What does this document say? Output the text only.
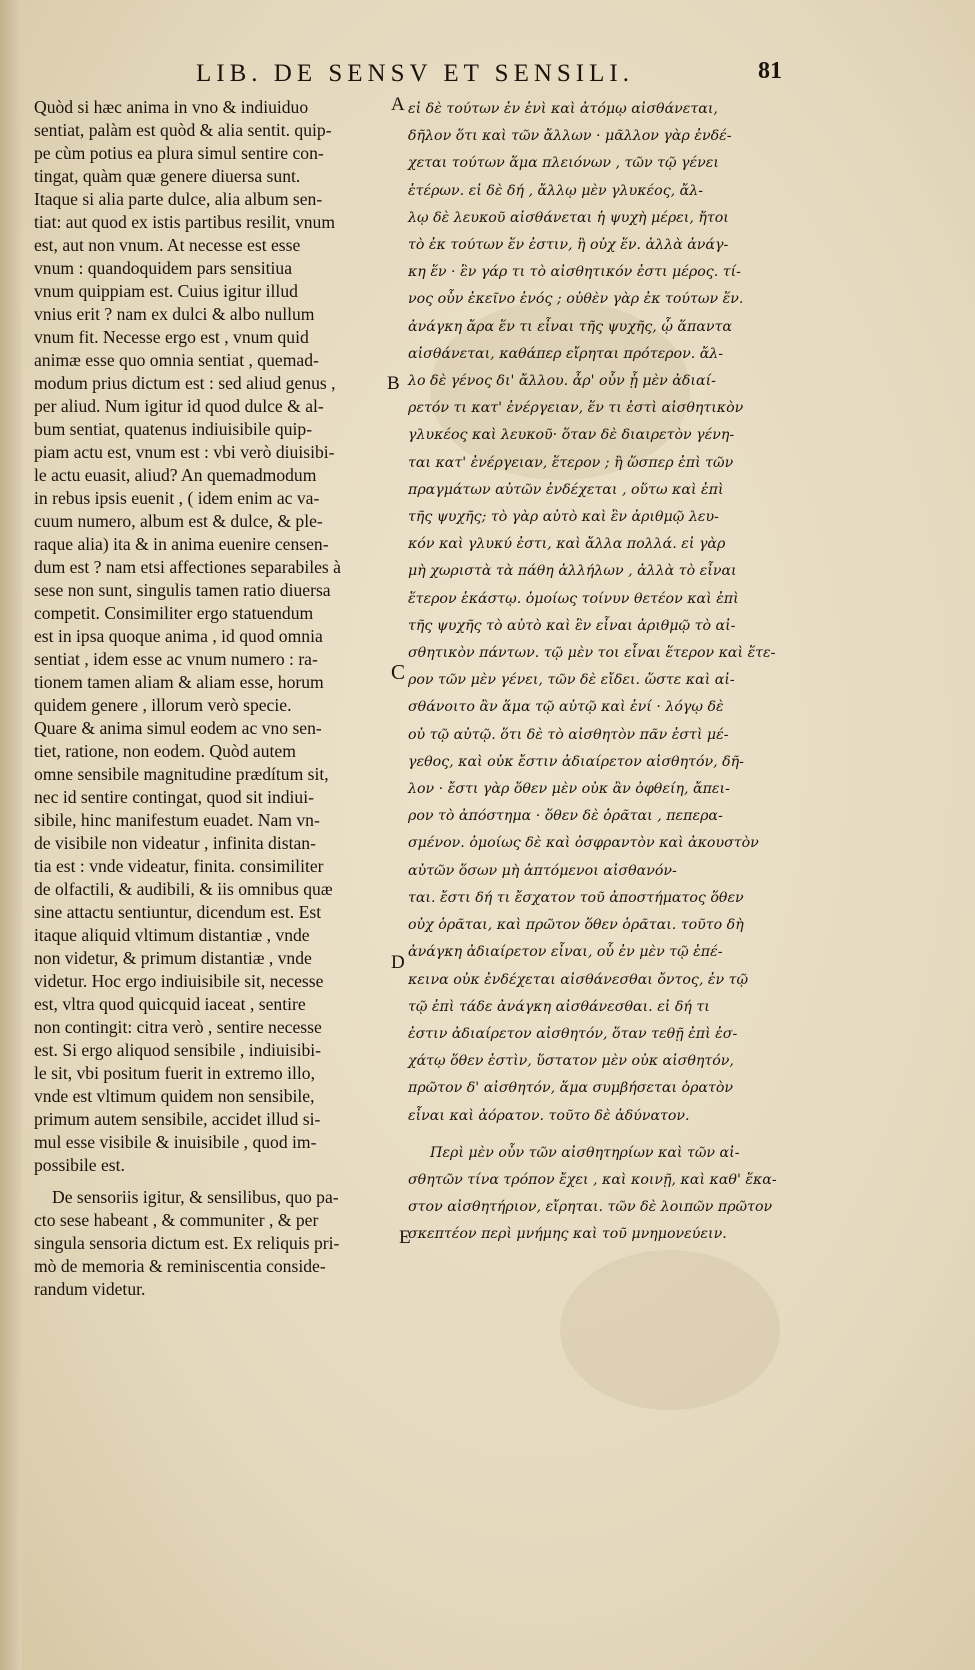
LIB. DE SENSV ET SENSILI.	81
A
B
C
D
E
Quòd si hæc anima in vno & indiuiduo
sentiat, palàm est quòd & alia sentit. quip-
pe cùm potius ea plura simul sentire con-
tingat, quàm quæ genere diuersa sunt.
Itaque si alia parte dulce, alia album sen-
tiat: aut quod ex istis partibus resilit, vnum
est, aut non vnum. At necesse est esse
vnum : quandoquidem pars sensitiua
vnum quippiam est. Cuius igitur illud
vnius erit ? nam ex dulci & albo nullum
vnum fit. Necesse ergo est , vnum quid
animæ esse quo omnia sentiat , quemad-
modum prius dictum est : sed aliud genus ,
per aliud. Num igitur id quod dulce & al-
bum sentiat, quatenus indiuisibile quip-
piam actu est, vnum est : vbi verò diuisibi-
le actu euasit, aliud? An quemadmodum
in rebus ipsis euenit , ( idem enim ac va-
cuum numero, album est & dulce, & ple-
raque alia) ita & in anima euenire censen-
dum est ? nam etsi affectiones separabiles à
sese non sunt, singulis tamen ratio diuersa
competit. Consimiliter ergo statuendum
est in ipsa quoque anima , id quod omnia
sentiat , idem esse ac vnum numero : ra-
tionem tamen aliam & aliam esse, horum
quidem genere , illorum verò specie.
Quare & anima simul eodem ac vno sen-
tiet, ratione, non eodem. Quòd autem
omne sensibile magnitudine prædítum sit,
nec id sentire contingat, quod sit indiui-
sibile, hinc manifestum euadet. Nam vn-
de visibile non videatur , infinita distan-
tia est : vnde videatur, finita. consimiliter
de olfactili, & audibili, & iis omnibus quæ
sine attactu sentiuntur, dicendum est. Est
itaque aliquid vltimum distantiæ , vnde
non videtur, & primum distantiæ , vnde
videtur. Hoc ergo indiuisibile sit, necesse
est, vltra quod quicquid iaceat , sentire
non contingit: citra verò , sentire necesse
est. Si ergo aliquod sensibile , indiuisibi-
le sit, vbi positum fuerit in extremo illo,
vnde est vltimum quidem non sensibile,
primum autem sensibile, accidet illud si-
mul esse visibile & inuisibile , quod im-
possibile est.
De sensoriis igitur, & sensilibus, quo pa-
cto sese habeant , & communiter , & per
singula sensoria dictum est. Ex reliquis pri-
mò de memoria & reminiscentia conside-
randum videtur.
εἰ δὲ τούτων ἐν ἑνὶ καὶ ἀτόμῳ αἰσθάνεται,
δῆλον ὅτι καὶ τῶν ἄλλων · μᾶλλον γὰρ ἐνδέ-
χεται τούτων ἅμα πλειόνων , τῶν τῷ γένει
ἑτέρων. εἰ δὲ δή , ἄλλῳ μὲν γλυκέος, ἄλ-
λῳ δὲ λευκοῦ αἰσθάνεται ἡ ψυχὴ μέρει, ἤτοι
τὸ ἐκ τούτων ἕν ἐστιν, ἢ οὐχ ἕν. ἀλλὰ ἀνάγ-
κη ἕν · ἓν γάρ τι τὸ αἰσθητικόν ἐστι μέρος. τί-
νος οὖν ἐκεῖνο ἑνός ; οὐθὲν γὰρ ἐκ τούτων ἕν.
ἀνάγκη ἄρα ἕν τι εἶναι τῆς ψυχῆς, ᾧ ἅπαντα
αἰσθάνεται, καθάπερ εἴρηται πρότερον. ἄλ-
λο δὲ γένος δι' ἄλλου. ἆρ' οὖν ᾗ μὲν ἀδιαί-
ρετόν τι κατ' ἐνέργειαν, ἕν τι ἐστὶ αἰσθητικὸν
γλυκέος καὶ λευκοῦ· ὅταν δὲ διαιρετὸν γένη-
ται κατ' ἐνέργειαν, ἕτερον ; ἢ ὥσπερ ἐπὶ τῶν
πραγμάτων αὐτῶν ἐνδέχεται , οὕτω καὶ ἐπὶ
τῆς ψυχῆς; τὸ γὰρ αὐτὸ καὶ ἓν ἀριθμῷ λευ-
κόν καὶ γλυκύ ἐστι, καὶ ἄλλα πολλά. εἰ γὰρ
μὴ χωριστὰ τὰ πάθη ἀλλήλων , ἀλλὰ τὸ εἶναι
ἕτερον ἑκάστῳ. ὁμοίως τοίνυν θετέον καὶ ἐπὶ
τῆς ψυχῆς τὸ αὐτὸ καὶ ἓν εἶναι ἀριθμῷ τὸ αἰ-
σθητικὸν πάντων. τῷ μὲν τοι εἶναι ἕτερον καὶ ἕτε-
ρον τῶν μὲν γένει, τῶν δὲ εἴδει. ὥστε καὶ αἰ-
σθάνοιτο ἂν ἅμα τῷ αὐτῷ καὶ ἑνί · λόγῳ δὲ
οὐ τῷ αὐτῷ. ὅτι δὲ τὸ αἰσθητὸν πᾶν ἐστὶ μέ-
γεθος, καὶ οὐκ ἔστιν ἀδιαίρετον αἰσθητόν, δῆ-
λον · ἔστι γὰρ ὅθεν μὲν οὐκ ἂν ὀφθείη, ἄπει-
ρον τὸ ἀπόστημα · ὅθεν δὲ ὁρᾶται , πεπερα-
σμένον. ὁμοίως δὲ καὶ ὀσφραντὸν καὶ ἀκουστὸν
αὐτῶν ὅσων μὴ ἁπτόμενοι αἰσθανόν-
ται. ἔστι δή τι ἔσχατον τοῦ ἀποστήματος ὅθεν
οὐχ ὁρᾶται, καὶ πρῶτον ὅθεν ὁρᾶται. τοῦτο δὴ
ἀνάγκη ἀδιαίρετον εἶναι, οὗ ἐν μὲν τῷ ἐπέ-
κεινα οὐκ ἐνδέχεται αἰσθάνεσθαι ὄντος, ἐν τῷ
τῷ ἐπὶ τάδε ἀνάγκη αἰσθάνεσθαι. εἰ δή τι
ἐστιν ἀδιαίρετον αἰσθητόν, ὅταν τεθῇ ἐπὶ ἐσ-
χάτῳ ὅθεν ἐστὶν, ὕστατον μὲν οὐκ αἰσθητόν,
πρῶτον δ' αἰσθητόν, ἅμα συμβήσεται ὁρατὸν
εἶναι καὶ ἀόρατον. τοῦτο δὲ ἀδύνατον.
Περὶ μὲν οὖν τῶν αἰσθητηρίων καὶ τῶν αἰ-
σθητῶν τίνα τρόπον ἔχει , καὶ κοινῇ, καὶ καθ' ἕκα-
στον αἰσθητήριον, εἴρηται. τῶν δὲ λοιπῶν πρῶτον
σκεπτέον περὶ μνήμης καὶ τοῦ μνημονεύειν.
